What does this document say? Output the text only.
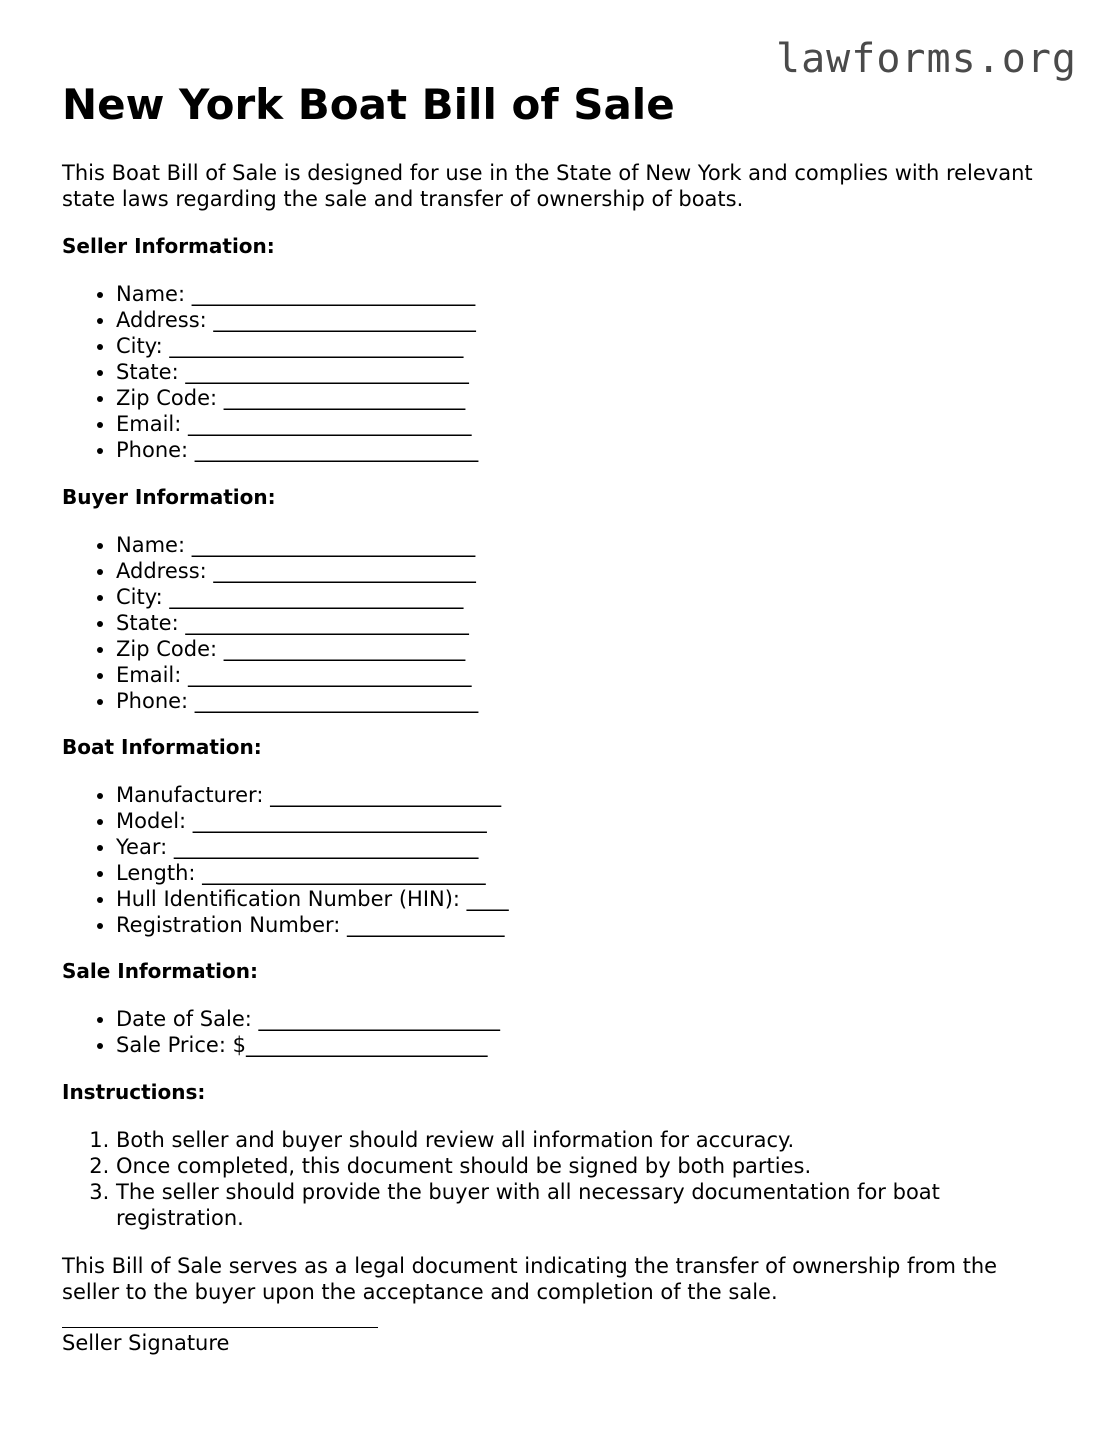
lawforms.org
New York Boat Bill of Sale

This Boat Bill of Sale is designed for use in the State of New York and complies with relevant state laws regarding the sale and transfer of ownership of boats.

Seller Information:
• Name: ___________________________
• Address: _________________________
• City: ____________________________
• State: ___________________________
• Zip Code: _______________________
• Email: ___________________________
• Phone: ___________________________
Buyer Information:
• Name: ___________________________
• Address: _________________________
• City: ____________________________
• State: ___________________________
• Zip Code: _______________________
• Email: ___________________________
• Phone: ___________________________
Boat Information:
• Manufacturer: ______________________
• Model: ____________________________
• Year: _____________________________
• Length: ___________________________
• Hull Identification Number (HIN): ____
• Registration Number: _______________
Sale Information:
• Date of Sale: _______________________
• Sale Price: $_______________________
Instructions:
1. Both seller and buyer should review all information for accuracy.
2. Once completed, this document should be signed by both parties.
3. The seller should provide the buyer with all necessary documentation for boat registration.

This Bill of Sale serves as a legal document indicating the transfer of ownership from the seller to the buyer upon the acceptance and completion of the sale.

Seller Signature
